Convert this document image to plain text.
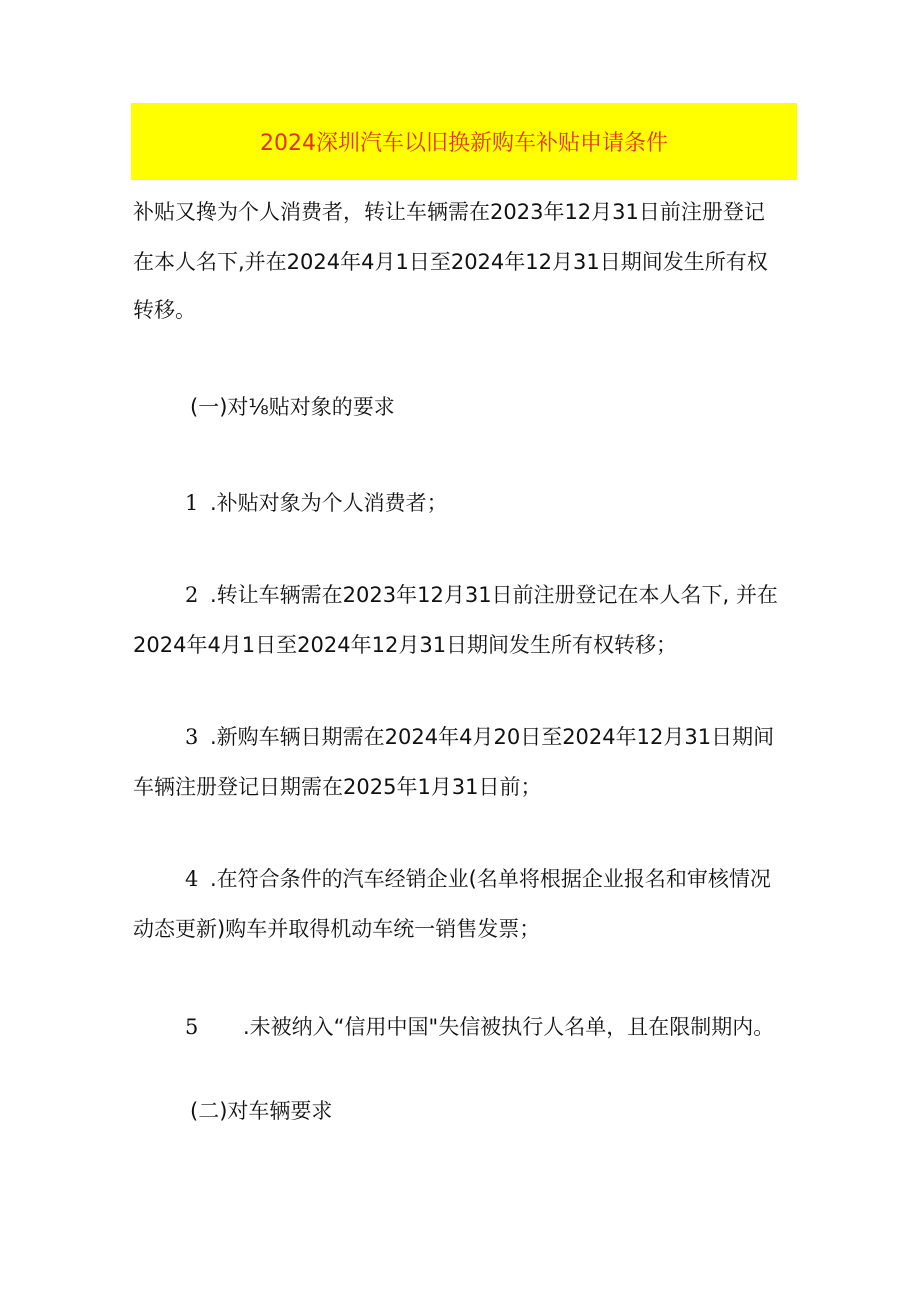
2024深圳汽车以旧换新购车补贴申请条件
补贴又搀为个人消费者，转让车辆需在2023年12月31日前注册登记
在本人名下,并在2024年4月1日至2024年12月31日期间发生所有权
转移。
(一)对⅛贴对象的要求
1 .补贴对象为个人消费者；
2 .转让车辆需在2023年12月31日前注册登记在本人名下, 并在
2024年4月1日至2024年12月31日期间发生所有权转移；
3 .新购车辆日期需在2024年4月20日至2024年12月31日期间
车辆注册登记日期需在2025年1月31日前；
4 .在符合条件的汽车经销企业(名单将根据企业报名和审核情况
动态更新)购车并取得机动车统一销售发票；
5 .未被纳入“信用中国"失信被执行人名单，且在限制期内。
(二)对车辆要求
